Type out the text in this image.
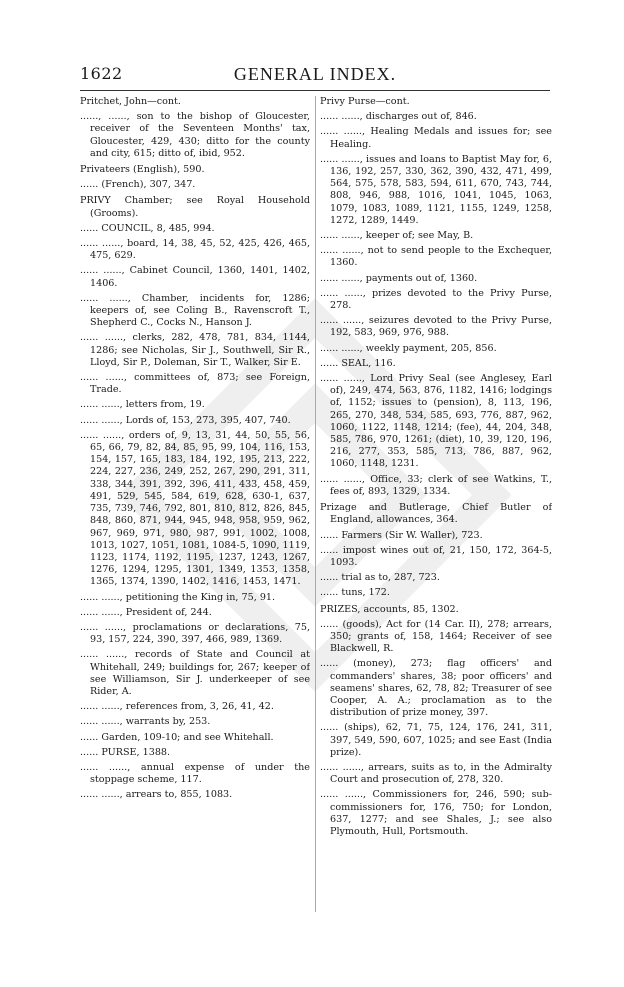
1622	GENERAL INDEX.

Pritchet, John—cont.

......, ......, son to the bishop of Gloucester, receiver of the Seventeen Months' tax, Gloucester, 429, 430; ditto for the county and city, 615; ditto of, ibid, 952.

Privateers (English), 590.

...... (French), 307, 347.

PRIVY Chamber; see Royal Household (Grooms).

...... COUNCIL, 8, 485, 994.

...... ......, board, 14, 38, 45, 52, 425, 426, 465, 475, 629.

...... ......, Cabinet Council, 1360, 1401, 1402, 1406.

...... ......, Chamber, incidents for, 1286; keepers of, see Coling B., Ravenscroft T., Shepherd C., Cocks N., Hanson J.

...... ......, clerks, 282, 478, 781, 834, 1144, 1286; see Nicholas, Sir J., Southwell, Sir R., Lloyd, Sir P., Doleman, Sir T., Walker, Sir E.

...... ......, committees of, 873; see Foreign, Trade.

...... ......, letters from, 19.

...... ......, Lords of, 153, 273, 395, 407, 740.

...... ......, orders of, 9, 13, 31, 44, 50, 55, 56, 65, 66, 79, 82, 84, 85, 95, 99, 104, 116, 153, 154, 157, 165, 183, 184, 192, 195, 213, 222, 224, 227, 236, 249, 252, 267, 290, 291, 311, 338, 344, 391, 392, 396, 411, 433, 458, 459, 491, 529, 545, 584, 619, 628, 630-1, 637, 735, 739, 746, 792, 801, 810, 812, 826, 845, 848, 860, 871, 944, 945, 948, 958, 959, 962, 967, 969, 971, 980, 987, 991, 1002, 1008, 1013, 1027, 1051, 1081, 1084-5, 1090, 1119, 1123, 1174, 1192, 1195, 1237, 1243, 1267, 1276, 1294, 1295, 1301, 1349, 1353, 1358, 1365, 1374, 1390, 1402, 1416, 1453, 1471.

...... ......, petitioning the King in, 75, 91.

...... ......, President of, 244.

...... ......, proclamations or declarations, 75, 93, 157, 224, 390, 397, 466, 989, 1369.

...... ......, records of State and Council at Whitehall, 249; buildings for, 267; keeper of see Williamson, Sir J. underkeeper of see Rider, A.

...... ......, references from, 3, 26, 41, 42.

...... ......, warrants by, 253.

...... Garden, 109-10; and see Whitehall.

...... PURSE, 1388.

...... ......, annual expense of under the stoppage scheme, 117.

...... ......, arrears to, 855, 1083.

Privy Purse—cont.

...... ......, discharges out of, 846.

...... ......, Healing Medals and issues for; see Healing.

...... ......, issues and loans to Baptist May for, 6, 136, 192, 257, 330, 362, 390, 432, 471, 499, 564, 575, 578, 583, 594, 611, 670, 743, 744, 808, 946, 988, 1016, 1041, 1045, 1063, 1079, 1083, 1089, 1121, 1155, 1249, 1258, 1272, 1289, 1449.

...... ......, keeper of; see May, B.

...... ......, not to send people to the Exchequer, 1360.

...... ......, payments out of, 1360.

...... ......, prizes devoted to the Privy Purse, 278.

...... ......, seizures devoted to the Privy Purse, 192, 583, 969, 976, 988.

...... ......, weekly payment, 205, 856.

...... SEAL, 116.

...... ......, Lord Privy Seal (see Anglesey, Earl of), 249, 474, 563, 876, 1182, 1416; lodgings of, 1152; issues to (pension), 8, 113, 196, 265, 270, 348, 534, 585, 693, 776, 887, 962, 1060, 1122, 1148, 1214; (fee), 44, 204, 348, 585, 786, 970, 1261; (diet), 10, 39, 120, 196, 216, 277, 353, 585, 713, 786, 887, 962, 1060, 1148, 1231.

...... ......, Office, 33; clerk of see Watkins, T., fees of, 893, 1329, 1334.

Prizage and Butlerage, Chief Butler of England, allowances, 364.

...... Farmers (Sir W. Waller), 723.

...... impost wines out of, 21, 150, 172, 364-5, 1093.

...... trial as to, 287, 723.

...... tuns, 172.

PRIZES, accounts, 85, 1302.

...... (goods), Act for (14 Car. II), 278; arrears, 350; grants of, 158, 1464; Receiver of see Blackwell, R.

...... (money), 273; flag officers' and commanders' shares, 38; poor officers' and seamens' shares, 62, 78, 82; Treasurer of see Cooper, A. A.; proclamation as to the distribution of prize money, 397.

...... (ships), 62, 71, 75, 124, 176, 241, 311, 397, 549, 590, 607, 1025; and see East (India prize).

...... ......, arrears, suits as to, in the Admiralty Court and prosecution of, 278, 320.

...... ......, Commissioners for, 246, 590; sub-commissioners for, 176, 750; for London, 637, 1277; and see Shales, J.; see also Plymouth, Hull, Portsmouth.
